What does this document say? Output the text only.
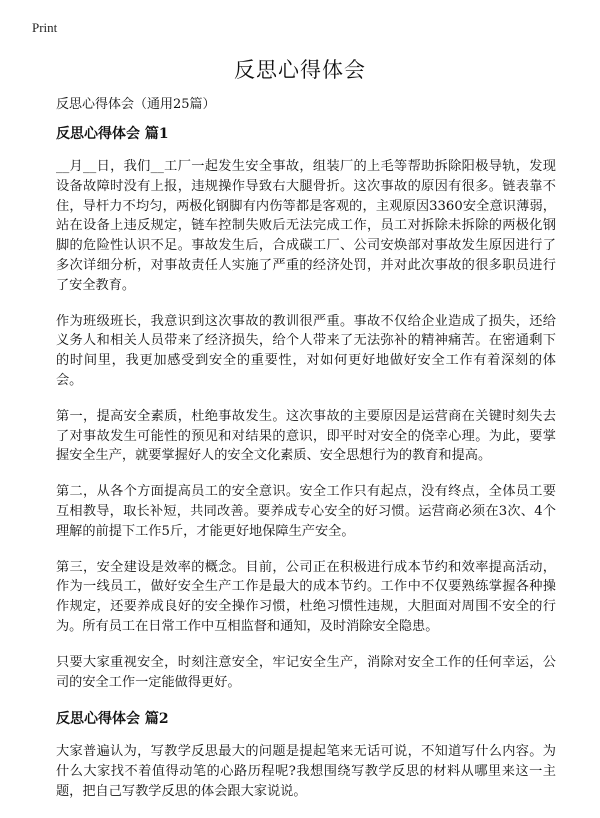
Print
反思心得体会

反思心得体会（通用25篇）

反思心得体会 篇1

__月__日，我们__工厂一起发生安全事故，组装厂的上毛等帮助拆除阳极导轨，发现设备故障时没有上报，违规操作导致右大腿骨折。这次事故的原因有很多。链表靠不住，导杆力不均匀，两极化钢脚有内伤等都是客观的，主观原因3360安全意识薄弱，站在设备上违反规定，链车控制失败后无法完成工作，员工对拆除未拆除的两极化钢脚的危险性认识不足。事故发生后，合成碳工厂、公司安焕部对事故发生原因进行了多次详细分析，对事故责任人实施了严重的经济处罚，并对此次事故的很多职员进行了安全教育。

作为班级班长，我意识到这次事故的教训很严重。事故不仅给企业造成了损失，还给义务人和相关人员带来了经济损失，给个人带来了无法弥补的精神痛苦。在密通剩下的时间里，我更加感受到安全的重要性，对如何更好地做好安全工作有着深刻的体会。

第一，提高安全素质，杜绝事故发生。这次事故的主要原因是运营商在关键时刻失去了对事故发生可能性的预见和对结果的意识，即平时对安全的侥幸心理。为此，要掌握安全生产，就要掌握好人的安全文化素质、安全思想行为的教育和提高。

第二，从各个方面提高员工的安全意识。安全工作只有起点，没有终点，全体员工要互相教导，取长补短，共同改善。要养成专心安全的好习惯。运营商必须在3次、4个理解的前提下工作5斤，才能更好地保障生产安全。

第三，安全建设是效率的概念。目前，公司正在积极进行成本节约和效率提高活动，作为一线员工，做好安全生产工作是最大的成本节约。工作中不仅要熟练掌握各种操作规定，还要养成良好的安全操作习惯，杜绝习惯性违规，大胆面对周围不安全的行为。所有员工在日常工作中互相监督和通知，及时消除安全隐患。

只要大家重视安全，时刻注意安全，牢记安全生产，消除对安全工作的任何幸运，公司的安全工作一定能做得更好。

反思心得体会 篇2

大家普遍认为，写教学反思最大的问题是提起笔来无话可说，不知道写什么内容。为什么大家找不着值得动笔的心路历程呢?我想围绕写教学反思的材料从哪里来这一主题，把自己写教学反思的体会跟大家说说。
